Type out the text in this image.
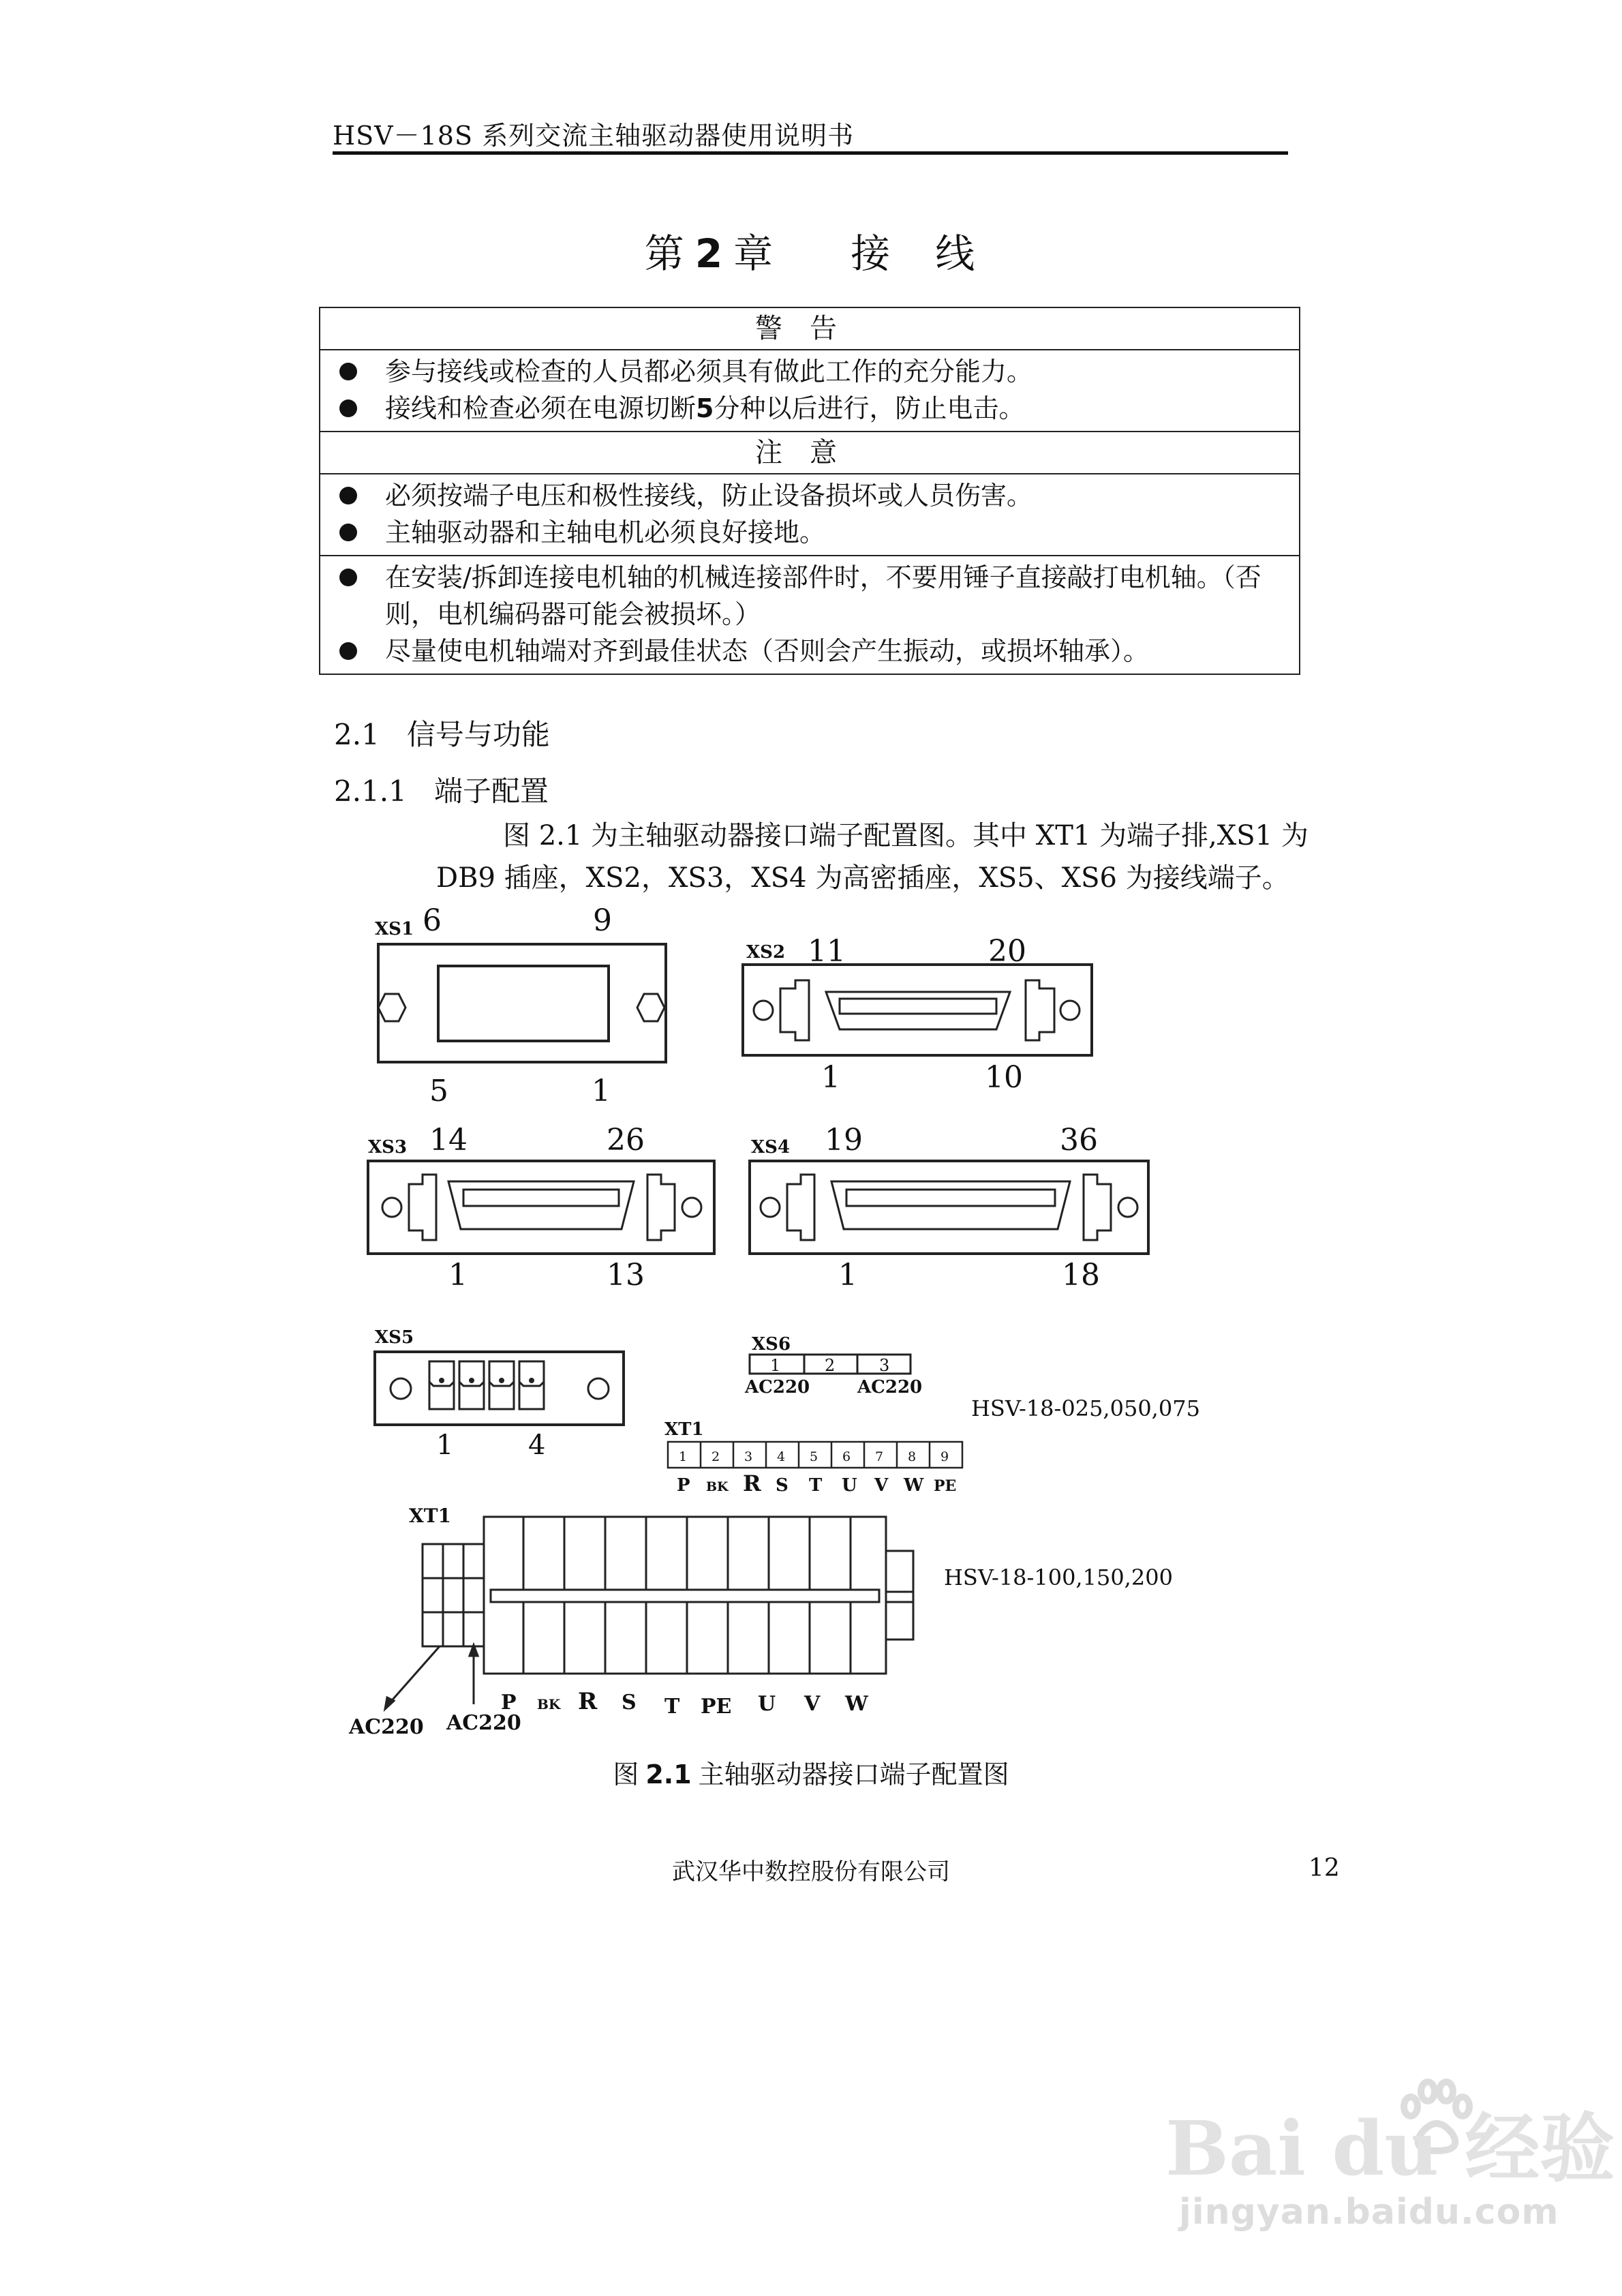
HSV－18S 系列交流主轴驱动器使用说明书
第 2 章 接　线
警告
参与接线或检查的人员都必须具有做此工作的充分能力。
接线和检查必须在电源切断5分种以后进行，防止电击。
注意
必须按端子电压和极性接线，防止设备损坏或人员伤害。
主轴驱动器和主轴电机必须良好接地。
在安装/拆卸连接电机轴的机械连接部件时，不要用锤子直接敲打电机轴。（否则，电机编码器可能会被损坏。）
尽量使电机轴端对齐到最佳状态（否则会产生振动，或损坏轴承）。
2.1 信号与功能
2.1.1 端子配置
图 2.1 为主轴驱动器接口端子配置图。其中 XT1 为端子排,XS1 为
DB9 插座，XS2，XS3，XS4 为高密插座，XS5、XS6 为接线端子。
XS1 6	9
5	1
XS2 11	20
1	10
XS3 14	26
1	13
XS4 19	36
1	18
XS5
1	4
XS6
1	2	3
AC220	AC220
HSV-18-025,050,075
XT1
1 2 3 4 5 6 7 8 9
P BK R S T U V W PE
XT1
HSV-18-100,150,200
P BK R S T PE U V W
AC220 AC220
图 2.1 主轴驱动器接口端子配置图
武汉华中数控股份有限公司	12
Bai du 经验
jingyan.baidu.com
